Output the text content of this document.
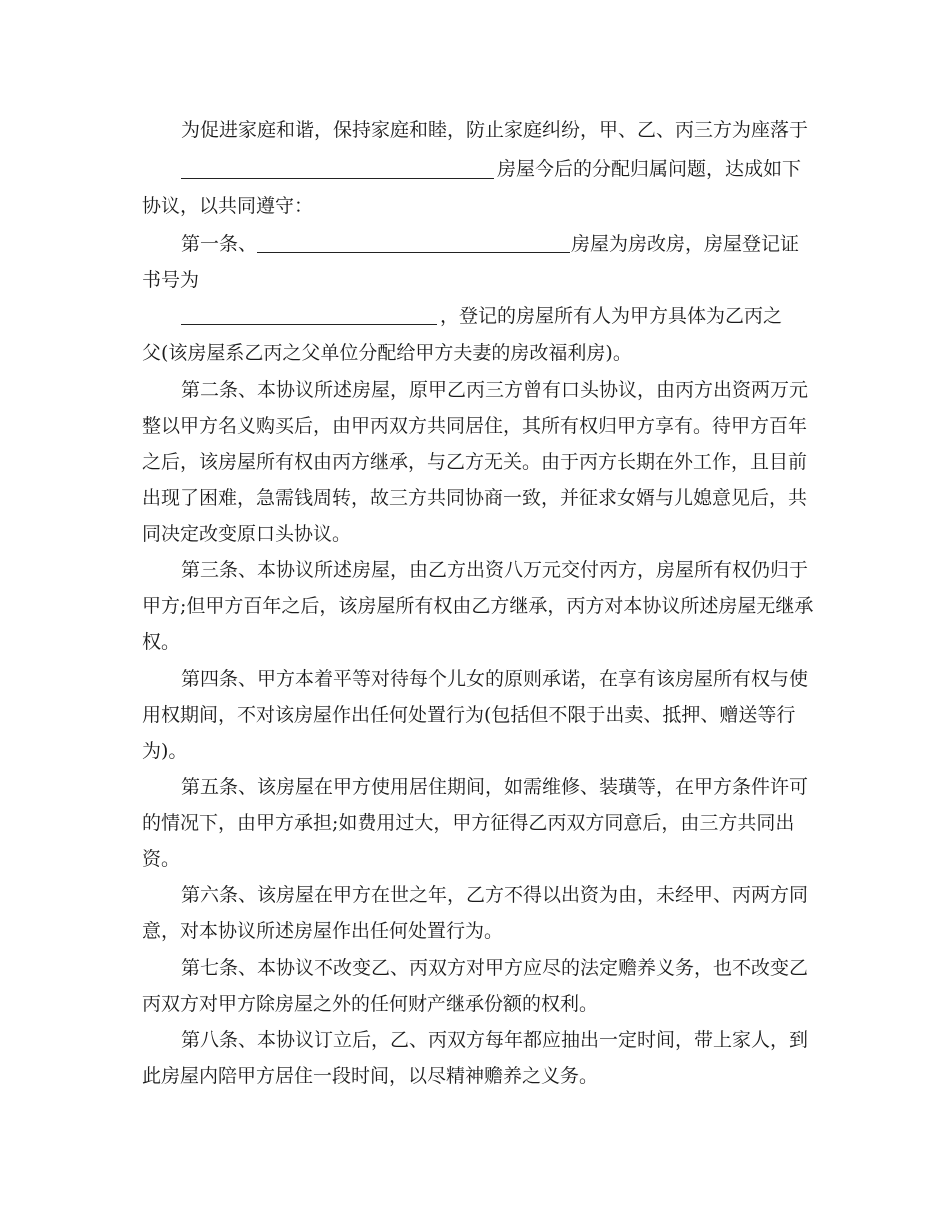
为促进家庭和谐，保持家庭和睦，防止家庭纠纷，甲、乙、丙三方为座落于
房屋今后的分配归属问题，达成如下
协议，以共同遵守：
第一条、	房屋为房改房，房屋登记证
书号为
，登记的房屋所有人为甲方具体为乙丙之
父(该房屋系乙丙之父单位分配给甲方夫妻的房改福利房)。
第二条、本协议所述房屋，原甲乙丙三方曾有口头协议，由丙方出资两万元
整以甲方名义购买后，由甲丙双方共同居住，其所有权归甲方享有。待甲方百年
之后，该房屋所有权由丙方继承，与乙方无关。由于丙方长期在外工作，且目前
出现了困难，急需钱周转，故三方共同协商一致，并征求女婿与儿媳意见后，共
同决定改变原口头协议。
第三条、本协议所述房屋，由乙方出资八万元交付丙方，房屋所有权仍归于
甲方;但甲方百年之后，该房屋所有权由乙方继承，丙方对本协议所述房屋无继承
权。
第四条、甲方本着平等对待每个儿女的原则承诺，在享有该房屋所有权与使
用权期间，不对该房屋作出任何处置行为(包括但不限于出卖、抵押、赠送等行
为)。
第五条、该房屋在甲方使用居住期间，如需维修、装璜等，在甲方条件许可
的情况下，由甲方承担;如费用过大，甲方征得乙丙双方同意后，由三方共同出
资。
第六条、该房屋在甲方在世之年，乙方不得以出资为由，未经甲、丙两方同
意，对本协议所述房屋作出任何处置行为。
第七条、本协议不改变乙、丙双方对甲方应尽的法定赡养义务，也不改变乙
丙双方对甲方除房屋之外的任何财产继承份额的权利。
第八条、本协议订立后，乙、丙双方每年都应抽出一定时间，带上家人，到
此房屋内陪甲方居住一段时间，以尽精神赡养之义务。
